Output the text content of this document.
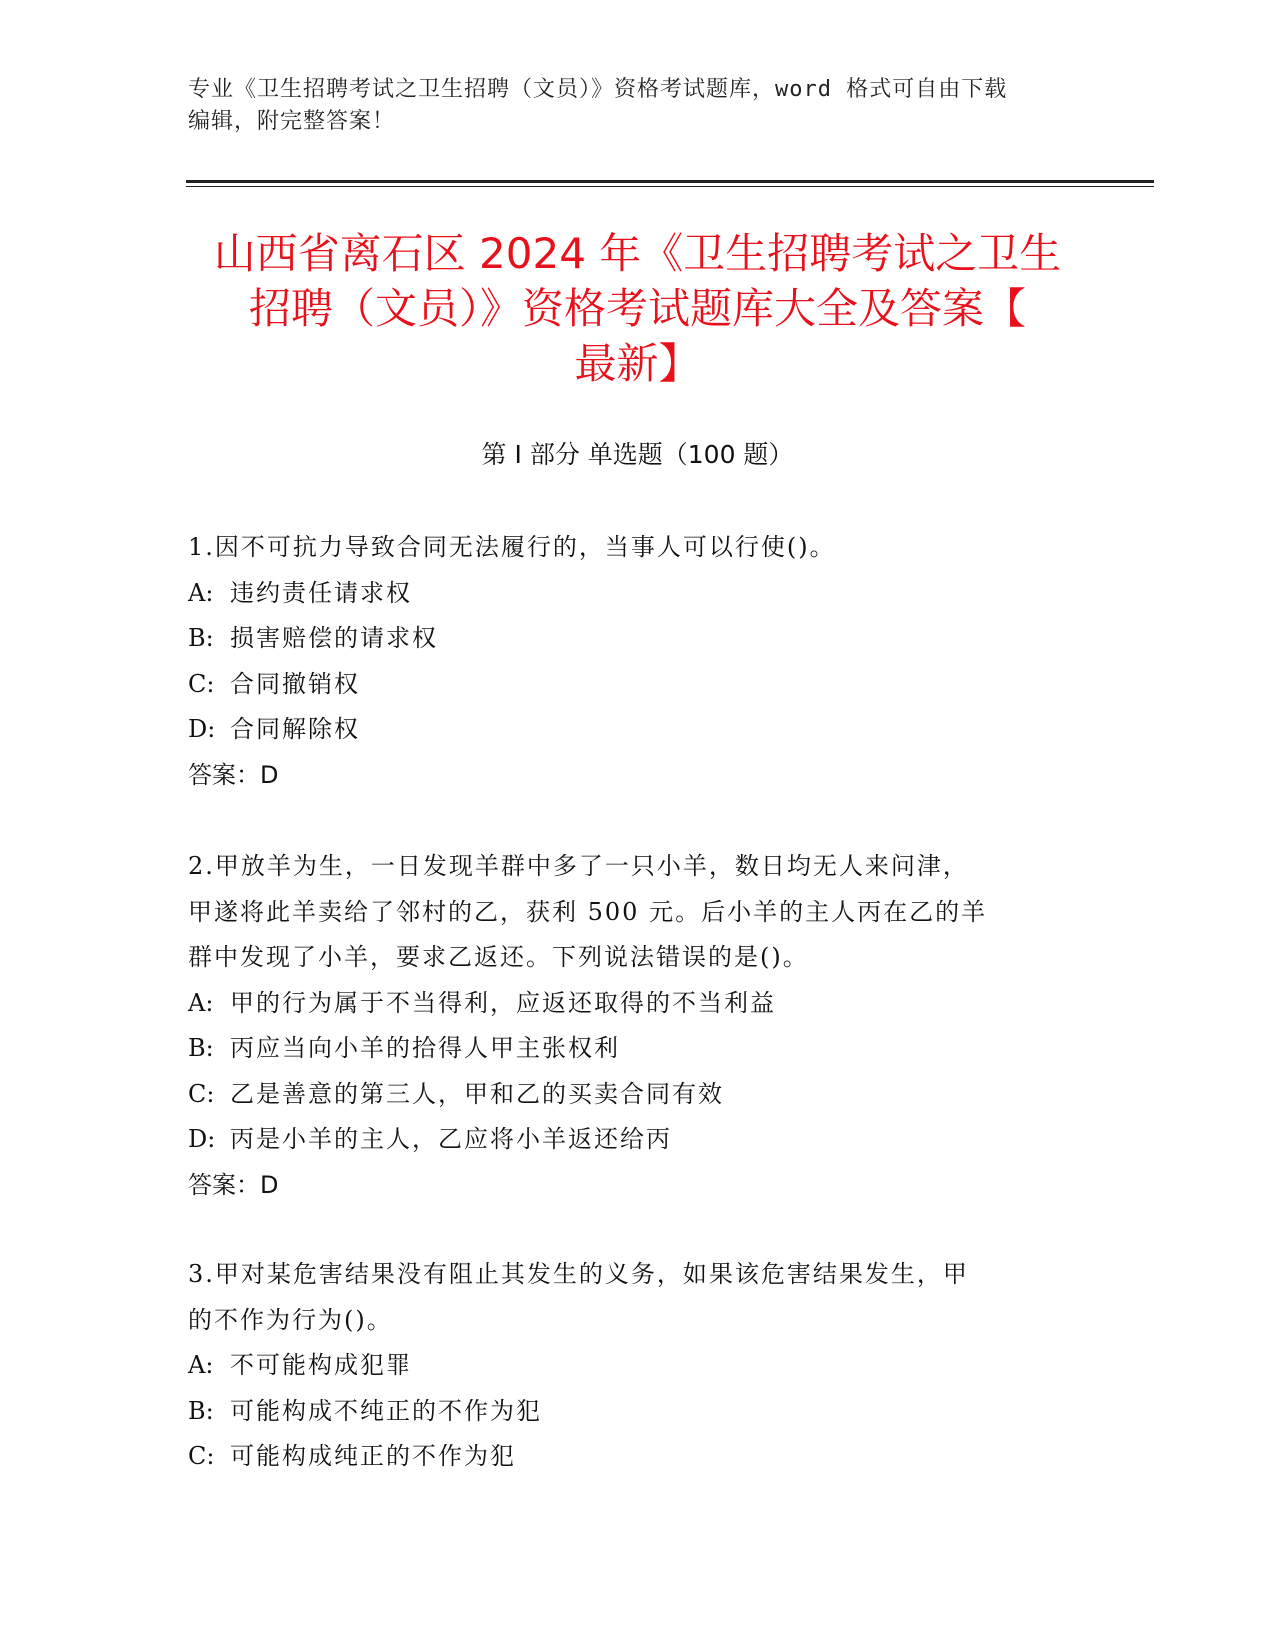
专业《卫生招聘考试之卫生招聘（文员）》资格考试题库，word 格式可自由下载
编辑，附完整答案！
山西省离石区 2024 年《卫生招聘考试之卫生
招聘（文员）》资格考试题库大全及答案【
最新】
第 I 部分 单选题（100 题）

1.因不可抗力导致合同无法履行的，当事人可以行使()。

A: 违约责任请求权

B: 损害赔偿的请求权

C: 合同撤销权

D: 合同解除权

答案：D

2.甲放羊为生，一日发现羊群中多了一只小羊，数日均无人来问津，

甲遂将此羊卖给了邻村的乙，获利 500 元。后小羊的主人丙在乙的羊

群中发现了小羊，要求乙返还。下列说法错误的是()。

A: 甲的行为属于不当得利，应返还取得的不当利益

B: 丙应当向小羊的拾得人甲主张权利

C: 乙是善意的第三人，甲和乙的买卖合同有效

D: 丙是小羊的主人，乙应将小羊返还给丙

答案：D

3.甲对某危害结果没有阻止其发生的义务，如果该危害结果发生，甲

的不作为行为()。

A: 不可能构成犯罪

B: 可能构成不纯正的不作为犯

C: 可能构成纯正的不作为犯
